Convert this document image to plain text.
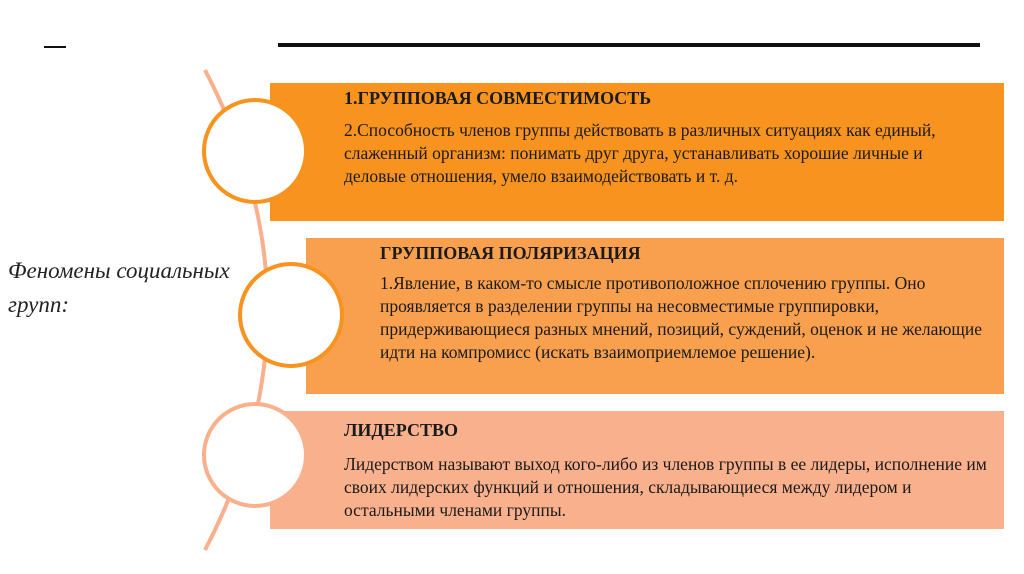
Феномены социальных групп:
1.ГРУППОВАЯ СОВМЕСТИМОСТЬ
2.Способность членов группы действовать в различных ситуациях как единый, слаженный организм: понимать друг друга, устанавливать хорошие личные и деловые отношения, умело взаимодействовать и т. д.
ГРУППОВАЯ ПОЛЯРИЗАЦИЯ
1.Явление, в каком-то смысле противоположное сплочению группы. Оно проявляется в разделении группы на несовместимые группировки, придерживающиеся разных мнений, позиций, суждений, оценок и не желающие идти на компромисс (искать взаимоприемлемое решение).
ЛИДЕРСТВО
Лидерством называют выход кого-либо из членов группы в ее лидеры, исполнение им своих лидерских функций и отношения, складывающиеся между лидером и остальными членами группы.
